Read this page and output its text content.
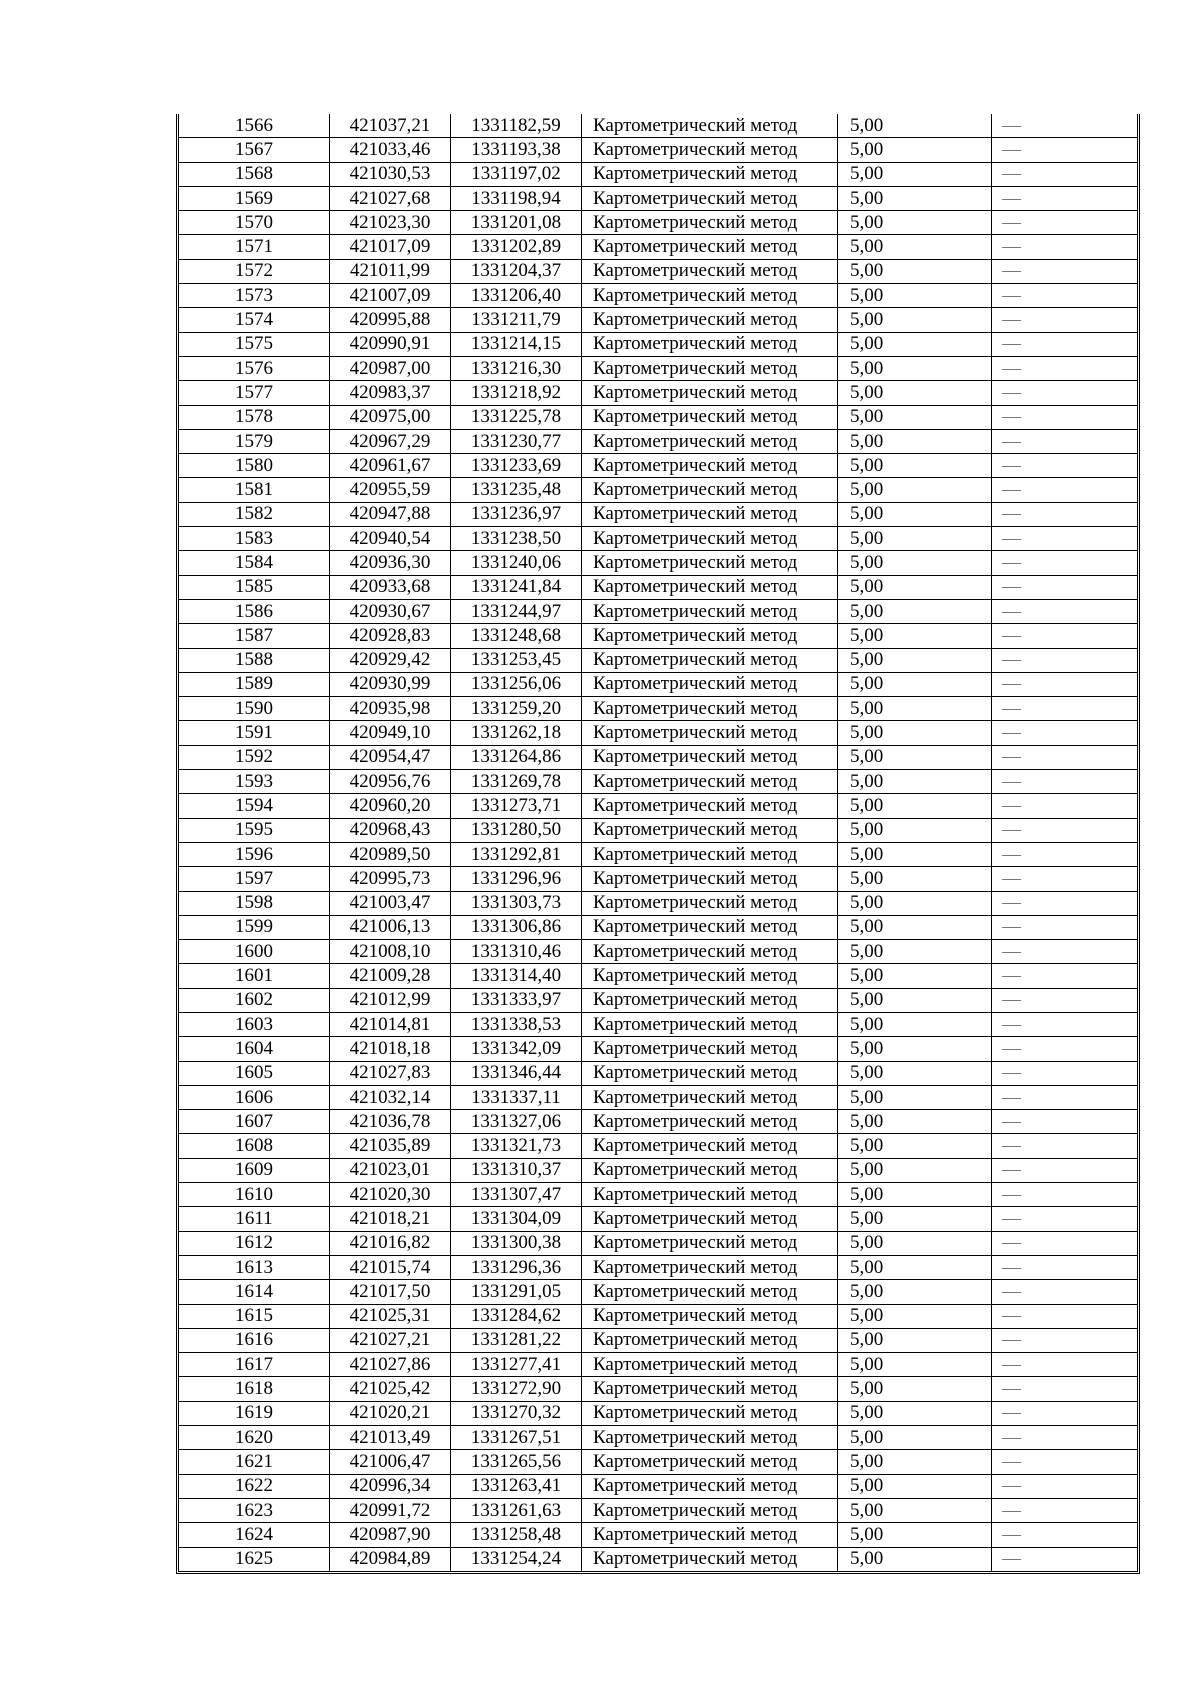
1566	421037,21	1331182,59	Картометрический метод	5,00	—
1567	421033,46	1331193,38	Картометрический метод	5,00	—
1568	421030,53	1331197,02	Картометрический метод	5,00	—
1569	421027,68	1331198,94	Картометрический метод	5,00	—
1570	421023,30	1331201,08	Картометрический метод	5,00	—
1571	421017,09	1331202,89	Картометрический метод	5,00	—
1572	421011,99	1331204,37	Картометрический метод	5,00	—
1573	421007,09	1331206,40	Картометрический метод	5,00	—
1574	420995,88	1331211,79	Картометрический метод	5,00	—
1575	420990,91	1331214,15	Картометрический метод	5,00	—
1576	420987,00	1331216,30	Картометрический метод	5,00	—
1577	420983,37	1331218,92	Картометрический метод	5,00	—
1578	420975,00	1331225,78	Картометрический метод	5,00	—
1579	420967,29	1331230,77	Картометрический метод	5,00	—
1580	420961,67	1331233,69	Картометрический метод	5,00	—
1581	420955,59	1331235,48	Картометрический метод	5,00	—
1582	420947,88	1331236,97	Картометрический метод	5,00	—
1583	420940,54	1331238,50	Картометрический метод	5,00	—
1584	420936,30	1331240,06	Картометрический метод	5,00	—
1585	420933,68	1331241,84	Картометрический метод	5,00	—
1586	420930,67	1331244,97	Картометрический метод	5,00	—
1587	420928,83	1331248,68	Картометрический метод	5,00	—
1588	420929,42	1331253,45	Картометрический метод	5,00	—
1589	420930,99	1331256,06	Картометрический метод	5,00	—
1590	420935,98	1331259,20	Картометрический метод	5,00	—
1591	420949,10	1331262,18	Картометрический метод	5,00	—
1592	420954,47	1331264,86	Картометрический метод	5,00	—
1593	420956,76	1331269,78	Картометрический метод	5,00	—
1594	420960,20	1331273,71	Картометрический метод	5,00	—
1595	420968,43	1331280,50	Картометрический метод	5,00	—
1596	420989,50	1331292,81	Картометрический метод	5,00	—
1597	420995,73	1331296,96	Картометрический метод	5,00	—
1598	421003,47	1331303,73	Картометрический метод	5,00	—
1599	421006,13	1331306,86	Картометрический метод	5,00	—
1600	421008,10	1331310,46	Картометрический метод	5,00	—
1601	421009,28	1331314,40	Картометрический метод	5,00	—
1602	421012,99	1331333,97	Картометрический метод	5,00	—
1603	421014,81	1331338,53	Картометрический метод	5,00	—
1604	421018,18	1331342,09	Картометрический метод	5,00	—
1605	421027,83	1331346,44	Картометрический метод	5,00	—
1606	421032,14	1331337,11	Картометрический метод	5,00	—
1607	421036,78	1331327,06	Картометрический метод	5,00	—
1608	421035,89	1331321,73	Картометрический метод	5,00	—
1609	421023,01	1331310,37	Картометрический метод	5,00	—
1610	421020,30	1331307,47	Картометрический метод	5,00	—
1611	421018,21	1331304,09	Картометрический метод	5,00	—
1612	421016,82	1331300,38	Картометрический метод	5,00	—
1613	421015,74	1331296,36	Картометрический метод	5,00	—
1614	421017,50	1331291,05	Картометрический метод	5,00	—
1615	421025,31	1331284,62	Картометрический метод	5,00	—
1616	421027,21	1331281,22	Картометрический метод	5,00	—
1617	421027,86	1331277,41	Картометрический метод	5,00	—
1618	421025,42	1331272,90	Картометрический метод	5,00	—
1619	421020,21	1331270,32	Картометрический метод	5,00	—
1620	421013,49	1331267,51	Картометрический метод	5,00	—
1621	421006,47	1331265,56	Картометрический метод	5,00	—
1622	420996,34	1331263,41	Картометрический метод	5,00	—
1623	420991,72	1331261,63	Картометрический метод	5,00	—
1624	420987,90	1331258,48	Картометрический метод	5,00	—
1625	420984,89	1331254,24	Картометрический метод	5,00	—
